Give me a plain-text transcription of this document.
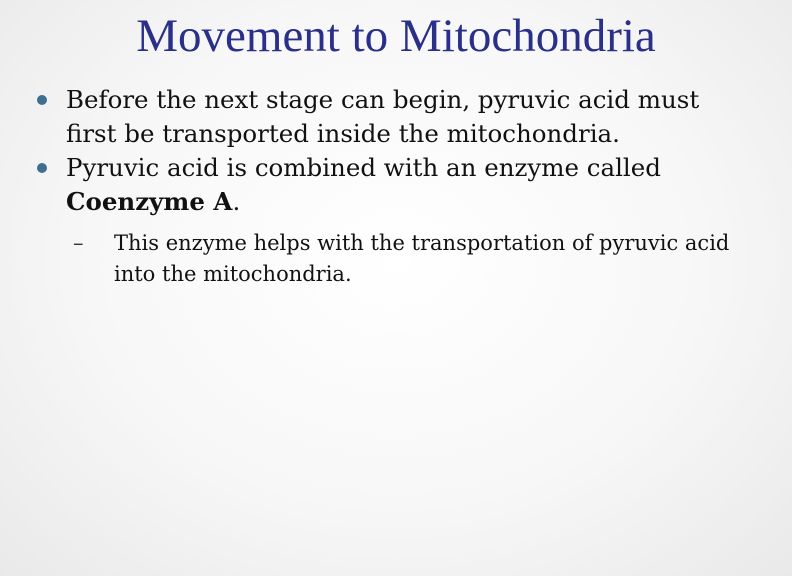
Movement to Mitochondria
Before the next stage can begin, pyruvic acid must first be transported inside the mitochondria.
Pyruvic acid is combined with an enzyme called Coenzyme A.
– This enzyme helps with the transportation of pyruvic acid into the mitochondria.
